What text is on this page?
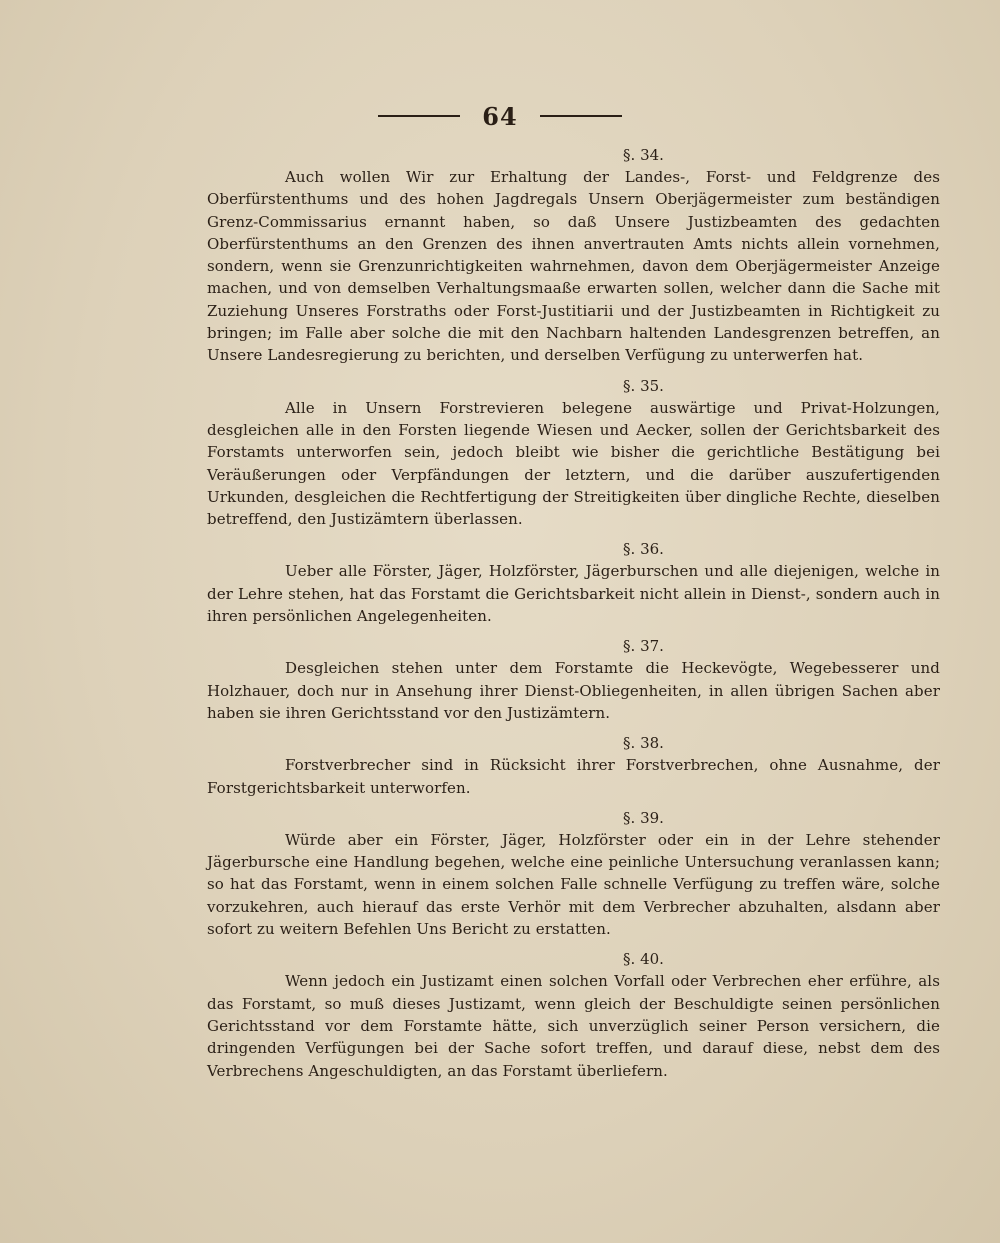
64

§. 34.

Auch wollen Wir zur Erhaltung der Landes-, Forst- und Feldgrenze des Oberfürstenthums und des hohen Jagdregals Unsern Oberjägermeister zum beständigen Grenz-Commissarius ernannt haben, so daß Unsere Justizbeamten des gedachten Oberfürstenthums an den Grenzen des ihnen anvertrauten Amts nichts allein vornehmen, sondern, wenn sie Grenzunrichtigkeiten wahrnehmen, davon dem Oberjägermeister Anzeige machen, und von demselben Verhaltungsmaaße erwarten sollen, welcher dann die Sache mit Zuziehung Unseres Forstraths oder Forst-Justitiarii und der Justizbeamten in Richtigkeit zu bringen; im Falle aber solche die mit den Nachbarn haltenden Landesgrenzen betreffen, an Unsere Landesregierung zu berichten, und derselben Verfügung zu unterwerfen hat.

§. 35.

Alle in Unsern Forstrevieren belegene auswärtige und Privat-Holzungen, desgleichen alle in den Forsten liegende Wiesen und Aecker, sollen der Gerichtsbarkeit des Forstamts unterworfen sein, jedoch bleibt wie bisher die gerichtliche Bestätigung bei Veräußerungen oder Verpfändungen der letztern, und die darüber auszufertigenden Urkunden, desgleichen die Rechtfertigung der Streitigkeiten über dingliche Rechte, dieselben betreffend, den Justizämtern überlassen.

§. 36.

Ueber alle Förster, Jäger, Holzförster, Jägerburschen und alle diejenigen, welche in der Lehre stehen, hat das Forstamt die Gerichtsbarkeit nicht allein in Dienst-, sondern auch in ihren persönlichen Angelegenheiten.

§. 37.

Desgleichen stehen unter dem Forstamte die Heckevögte, Wegebesserer und Holzhauer, doch nur in Ansehung ihrer Dienst-Obliegenheiten, in allen übrigen Sachen aber haben sie ihren Gerichtsstand vor den Justizämtern.

§. 38.

Forstverbrecher sind in Rücksicht ihrer Forstverbrechen, ohne Ausnahme, der Forstgerichtsbarkeit unterworfen.

§. 39.

Würde aber ein Förster, Jäger, Holzförster oder ein in der Lehre stehender Jägerbursche eine Handlung begehen, welche eine peinliche Untersuchung veranlassen kann; so hat das Forstamt, wenn in einem solchen Falle schnelle Verfügung zu treffen wäre, solche vorzukehren, auch hierauf das erste Verhör mit dem Verbrecher abzuhalten, alsdann aber sofort zu weitern Befehlen Uns Bericht zu erstatten.

§. 40.

Wenn jedoch ein Justizamt einen solchen Vorfall oder Verbrechen eher erführe, als das Forstamt, so muß dieses Justizamt, wenn gleich der Beschuldigte seinen persönlichen Gerichtsstand vor dem Forstamte hätte, sich unverzüglich seiner Person versichern, die dringenden Verfügungen bei der Sache sofort treffen, und darauf diese, nebst dem des Verbrechens Angeschuldigten, an das Forstamt überliefern.
